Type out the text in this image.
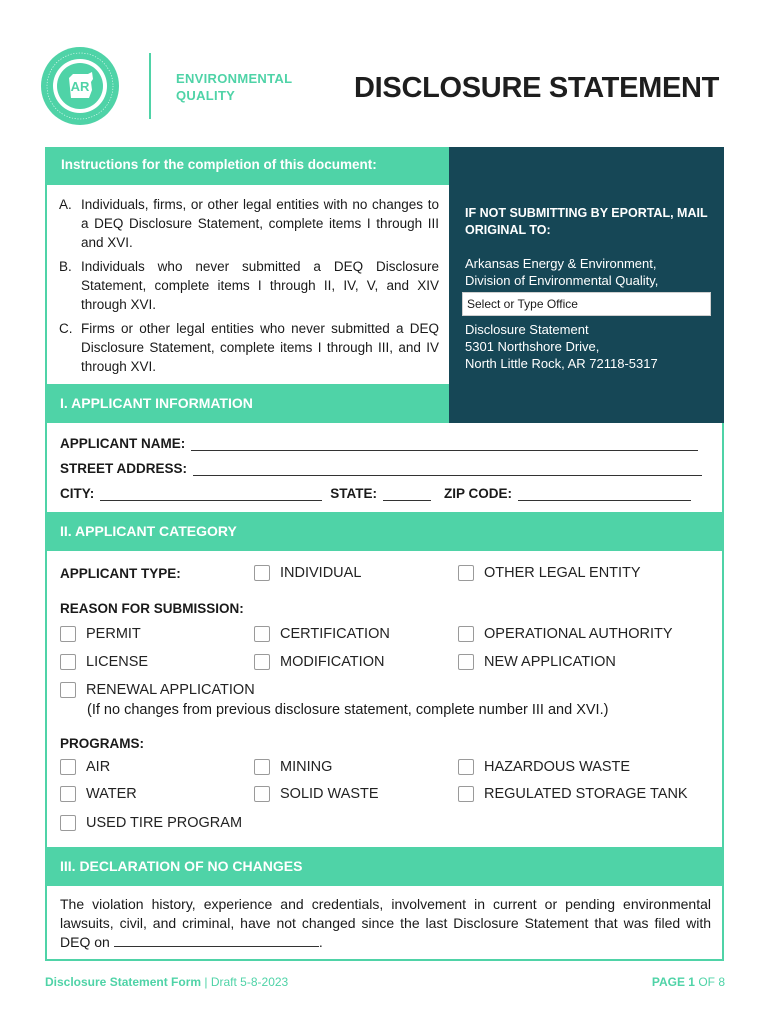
AR
ENVIRONMENTAL
QUALITY	DISCLOSURE STATEMENT
Instructions for the completion of this document:
A. Individuals, firms, or other legal entities with no changes to a DEQ Disclosure Statement, complete items I through III and XVI.
B. Individuals who never submitted a DEQ Disclosure Statement, complete items I through II, IV, V, and XIV through XVI.
C. Firms or other legal entities who never submitted a DEQ Disclosure Statement, complete items I through III, and IV through XVI.
IF NOT SUBMITTING BY EPORTAL, MAIL ORIGINAL TO:
Arkansas Energy & Environment,
Division of Environmental Quality,
Select or Type Office
Disclosure Statement
5301 Northshore Drive,
North Little Rock, AR 72118-5317
I. APPLICANT INFORMATION
APPLICANT NAME:
STREET ADDRESS:
CITY:	STATE:	ZIP CODE:
II. APPLICANT CATEGORY
APPLICANT TYPE:	INDIVIDUAL	OTHER LEGAL ENTITY
REASON FOR SUBMISSION:
PERMIT	CERTIFICATION	OPERATIONAL AUTHORITY
LICENSE	MODIFICATION	NEW APPLICATION
RENEWAL APPLICATION
(If no changes from previous disclosure statement, complete number III and XVI.)
PROGRAMS:
AIR	MINING	HAZARDOUS WASTE
WATER	SOLID WASTE	REGULATED STORAGE TANK
USED TIRE PROGRAM
III. DECLARATION OF NO CHANGES
The violation history, experience and credentials, involvement in current or pending environmental lawsuits, civil, and criminal, have not changed since the last Disclosure Statement that was filed with DEQ on	.
Disclosure Statement Form | Draft 5-8-2023	PAGE 1 OF 8
